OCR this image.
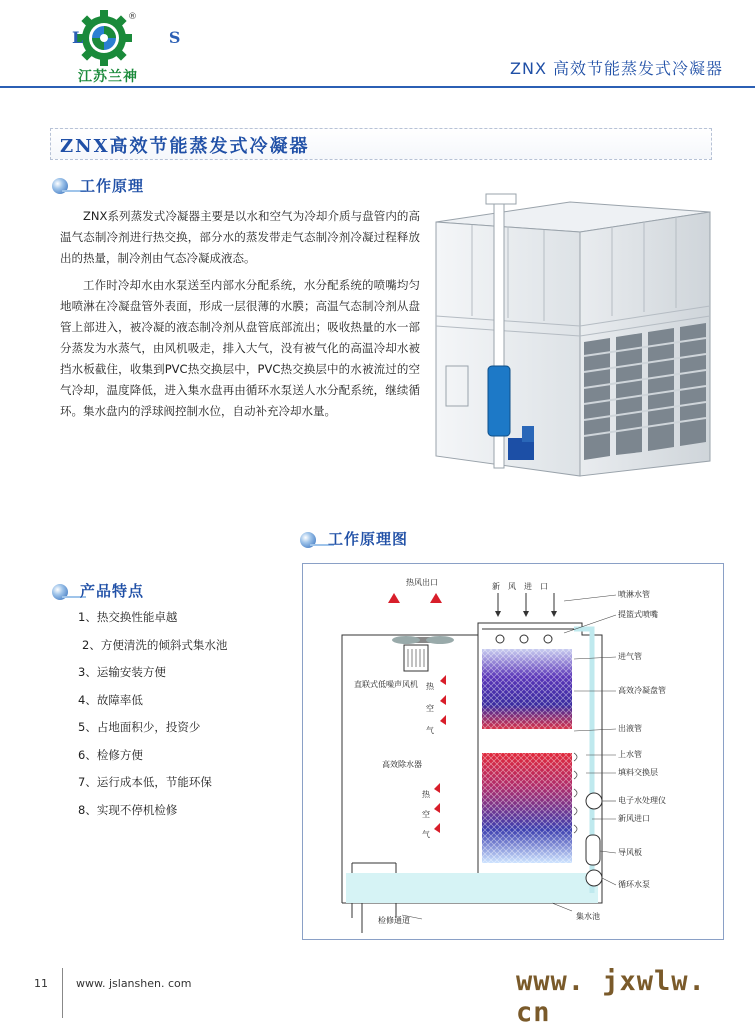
L S
®
江苏兰神	ZNX 高效节能蒸发式冷凝器
ZNX高效节能蒸发式冷凝器
工作原理
ZNX系列蒸发式冷凝器主要是以水和空气为冷却介质与盘管内的高温气态制冷剂进行热交换，部分水的蒸发带走气态制冷剂冷凝过程释放出的热量，制冷剂由气态冷凝成液态。
工作时冷却水由水泵送至内部水分配系统，水分配系统的喷嘴均匀地喷淋在冷凝盘管外表面，形成一层很薄的水膜；高温气态制冷剂从盘管上部进入，被冷凝的液态制冷剂从盘管底部流出；吸收热量的水一部分蒸发为水蒸气，由风机吸走，排入大气，没有被气化的高温冷却水被挡水板截住，收集到PVC热交换层中，PVC热交换层中的水被流过的空气冷却，温度降低，进入集水盘再由循环水泵送人水分配系统，继续循环。集水盘内的浮球阀控制水位，自动补充冷却水量。
产品特点
1、热交换性能卓越
2、方便清洗的倾斜式集水池
3、运输安装方便
4、故障率低
5、占地面积少，投资少
6、检修方便
7、运行成本低，节能环保
8、实现不停机检修
工作原理图
热风出口	新　风　进　口
直联式低噪声风机 热
空
气
高效除水器
热
空
气
检修通道	集水池
喷淋水管
提篮式喷嘴
进气管
高效冷凝盘管
出液管
上水管
填料交换层
电子水处理仪
新风进口
导风板
循环水泵
11	www. jslanshen. com	www. jxwlw. cn
